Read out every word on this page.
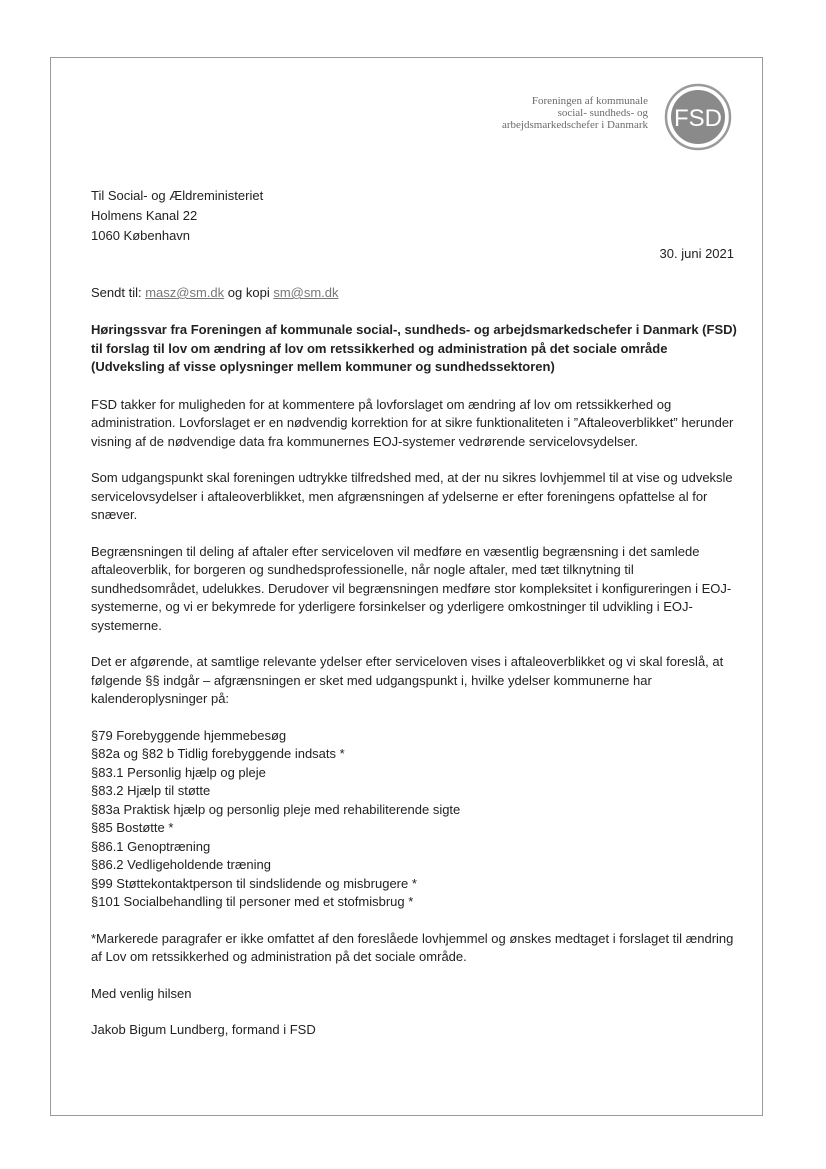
Foreningen af kommunale
social- sundheds- og
arbejdsmarkedschefer i Danmark FSD
Til Social- og Ældreministeriet
Holmens Kanal 22
1060 København
30. juni 2021
Sendt til: masz@sm.dk og kopi sm@sm.dk

Høringssvar fra Foreningen af kommunale social-, sundheds- og arbejdsmarkedschefer i Danmark (FSD) til forslag til lov om ændring af lov om retssikkerhed og administration på det sociale område (Udveksling af visse oplysninger mellem kommuner og sundhedssektoren)

FSD takker for muligheden for at kommentere på lovforslaget om ændring af lov om retssikkerhed og administration. Lovforslaget er en nødvendig korrektion for at sikre funktionaliteten i ”Aftaleoverblikket” herunder visning af de nødvendige data fra kommunernes EOJ-systemer vedrørende servicelovsydelser.

Som udgangspunkt skal foreningen udtrykke tilfredshed med, at der nu sikres lovhjemmel til at vise og udveksle servicelovsydelser i aftaleoverblikket, men afgrænsningen af ydelserne er efter foreningens opfattelse al for snæver.

Begrænsningen til deling af aftaler efter serviceloven vil medføre en væsentlig begrænsning i det samlede aftaleoverblik, for borgeren og sundhedsprofessionelle, når nogle aftaler, med tæt tilknytning til sundhedsområdet, udelukkes. Derudover vil begrænsningen medføre stor kompleksitet i konfigureringen i EOJ-systemerne, og vi er bekymrede for yderligere forsinkelser og yderligere omkostninger til udvikling i EOJ-systemerne.

Det er afgørende, at samtlige relevante ydelser efter serviceloven vises i aftaleoverblikket og vi skal foreslå, at følgende §§ indgår – afgrænsningen er sket med udgangspunkt i, hvilke ydelser kommunerne har kalenderoplysninger på:

§79 Forebyggende hjemmebesøg
§82a og §82 b Tidlig forebyggende indsats *
§83.1 Personlig hjælp og pleje
§83.2 Hjælp til støtte
§83a Praktisk hjælp og personlig pleje med rehabiliterende sigte
§85 Bostøtte *
§86.1 Genoptræning
§86.2 Vedligeholdende træning
§99 Støttekontaktperson til sindslidende og misbrugere *
§101 Socialbehandling til personer med et stofmisbrug *

*Markerede paragrafer er ikke omfattet af den foreslåede lovhjemmel og ønskes medtaget i forslaget til ændring af Lov om retssikkerhed og administration på det sociale område.

Med venlig hilsen

Jakob Bigum Lundberg, formand i FSD
